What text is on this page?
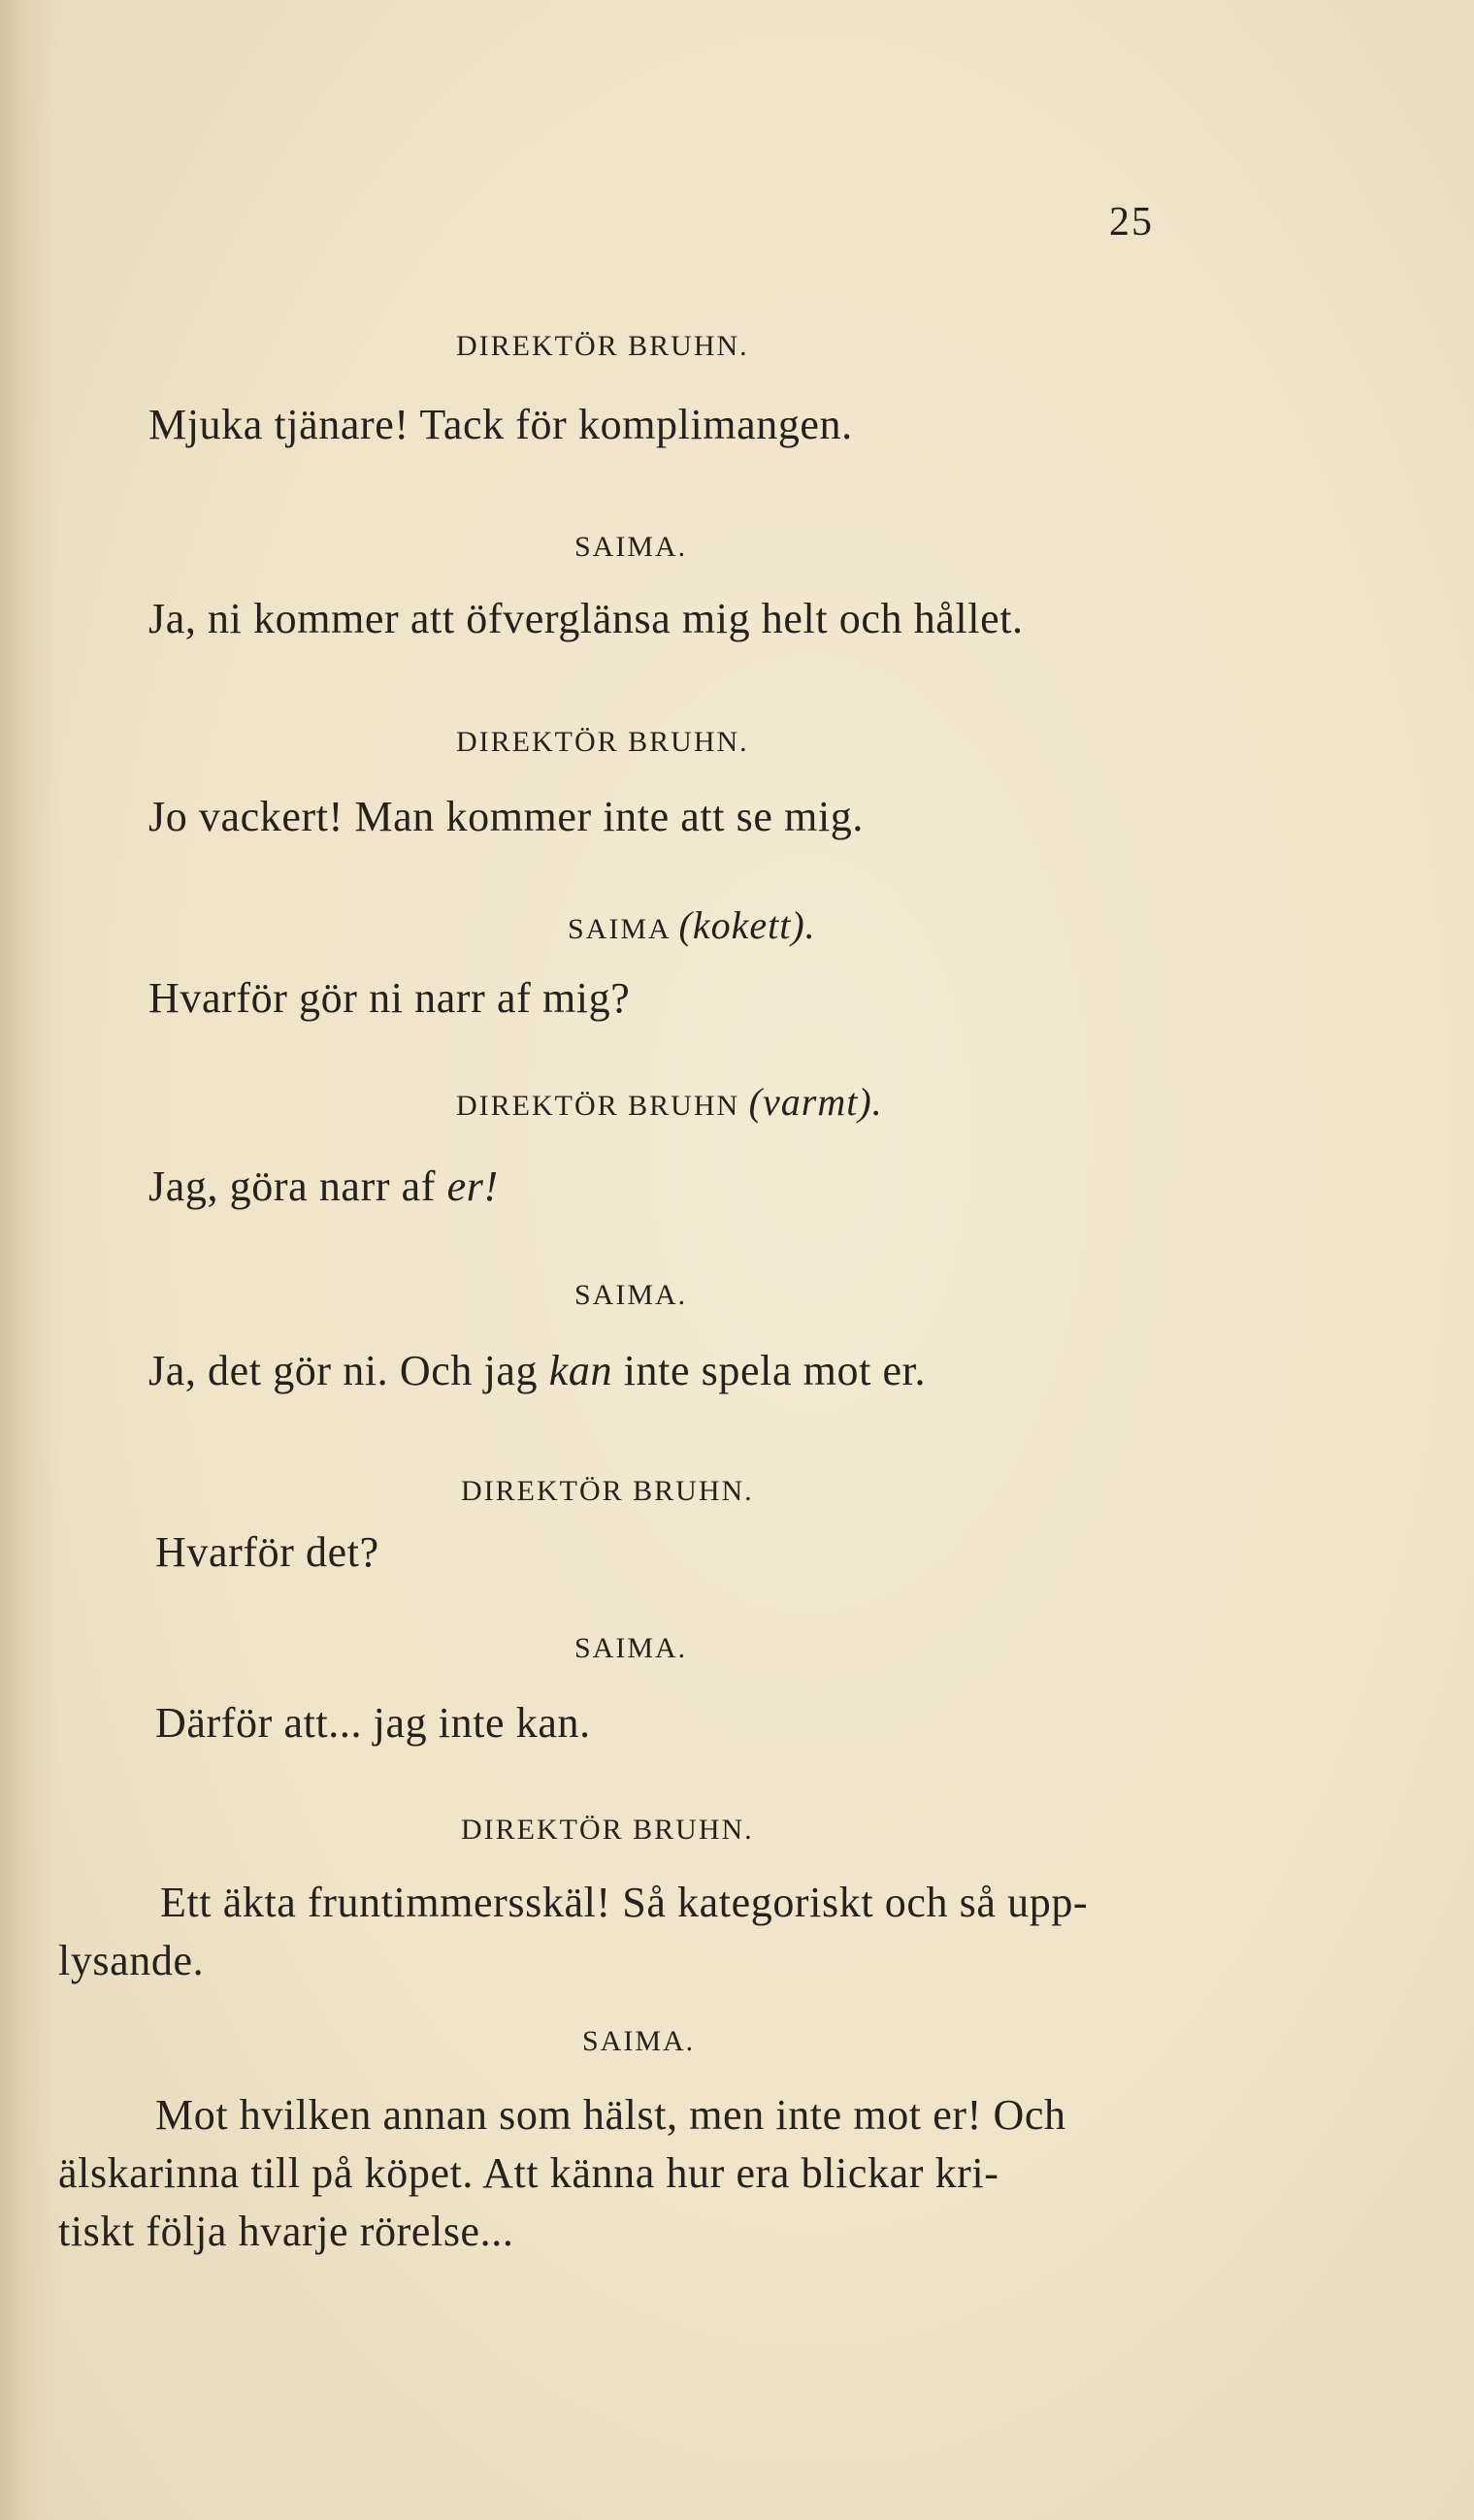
25
DIREKTÖR BRUHN.
Mjuka tjänare! Tack för komplimangen.
SAIMA.
Ja, ni kommer att öfverglänsa mig helt och hållet.
DIREKTÖR BRUHN.
Jo vackert! Man kommer inte att se mig.
SAIMA (kokett).
Hvarför gör ni narr af mig?
DIREKTÖR BRUHN (varmt).
Jag, göra narr af er!
SAIMA.
Ja, det gör ni. Och jag kan inte spela mot er.
DIREKTÖR BRUHN.
Hvarför det?
SAIMA.
Därför att... jag inte kan.
DIREKTÖR BRUHN.
Ett äkta fruntimmersskäl! Så kategoriskt och så upp-
lysande.
SAIMA.
Mot hvilken annan som hälst, men inte mot er! Och
älskarinna till på köpet. Att känna hur era blickar kri-
tiskt följa hvarje rörelse...
